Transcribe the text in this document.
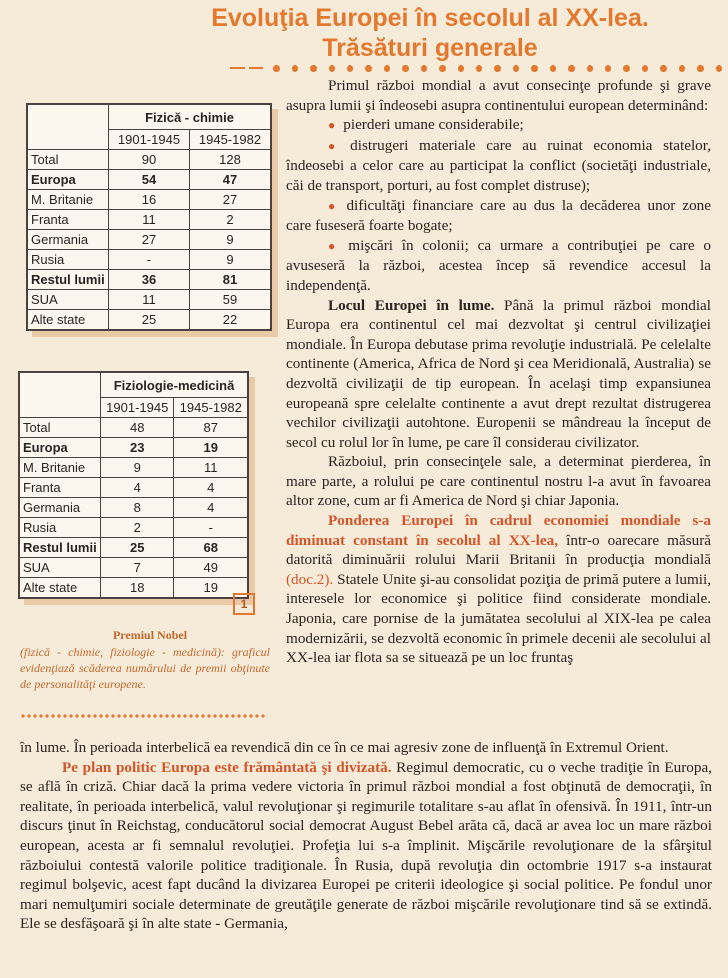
Evoluţia Europei în secolul al XX-lea.
Trăsături generale
	Fizică - chimie	
	1901-1945	1945-1982
Total	90	128
Europa	54	47
M. Britanie	16	27
Franta	11	2
Germania	27	9
Rusia	-	9
Restul lumii	36	81
SUA	11	59
Alte state	25	22
	Fiziologie-medicină	
	1901-1945	1945-1982
Total	48	87
Europa	23	19
M. Britanie	9	11
Franta	4	4
Germania	8	4
Rusia	2	-
Restul lumii	25	68
SUA	7	49
Alte state	18	19
1
Premiul Nobel
(fizică - chimie, fiziologie - medicină): graficul evidenţiază scăderea numărului de premii obţinute de personalităţi europene.

Primul război mondial a avut consecinţe profunde şi grave asupra lumii şi îndeosebi asupra continentului european determinând:

● pierderi umane considerabile;

● distrugeri materiale care au ruinat economia statelor, îndeosebi a celor care au participat la conflict (societăţi industriale, căi de transport, porturi, au fost complet distruse);

● dificultăţi financiare care au dus la decăderea unor zone care fuseseră foarte bogate;

● mişcări în colonii; ca urmare a contribuţiei pe care o avuseseră la război, acestea încep să revendice accesul la independenţă.

Locul Europei în lume. Până la primul război mondial Europa era continentul cel mai dezvoltat şi centrul civilizaţiei mondiale. În Europa debutase prima revoluţie industrială. Pe celelalte continente (America, Africa de Nord şi cea Meridională, Australia) se dezvoltă civilizaţii de tip european. În acelaşi timp expansiunea europeană spre celelalte continente a avut drept rezultat distrugerea vechilor civilizaţii autohtone. Europenii se mândreau la început de secol cu rolul lor în lume, pe care îl considerau civilizator.

Războiul, prin consecinţele sale, a determinat pierderea, în mare parte, a rolului pe care continentul nostru l-a avut în favoarea altor zone, cum ar fi America de Nord şi chiar Japonia.

Ponderea Europei în cadrul economiei mondiale s-a diminuat constant în secolul al XX-lea, într-o oarecare măsură datorită diminuării rolului Marii Britanii în producţia mondială (doc.2). Statele Unite şi-au consolidat poziţia de primă putere a lumii, interesele lor economice şi politice fiind considerate mondiale. Japonia, care pornise de la jumătatea secolului al XIX-lea pe calea modernizării, se dezvoltă economic în primele decenii ale secolului al XX-lea iar flota sa se situează pe un loc fruntaş

în lume. În perioada interbelică ea revendică din ce în ce mai agresiv zone de influenţă în Extremul Orient.

Pe plan politic Europa este frământată şi divizată. Regimul democratic, cu o veche tradiţie în Europa, se află în criză. Chiar dacă la prima vedere victoria în primul război mondial a fost obţinută de democraţii, în realitate, în perioada interbelică, valul revoluţionar şi regimurile totalitare s-au aflat în ofensivă. În 1911, într-un discurs ţinut în Reichstag, conducătorul social democrat August Bebel arăta că, dacă ar avea loc un mare război european, acesta ar fi semnalul revoluţiei. Profeţia lui s-a împlinit. Mişcările revoluţionare de la sfârşitul războiului contestă valorile politice tradiţionale. În Rusia, după revoluţia din octombrie 1917 s-a instaurat regimul bolşevic, acest fapt ducând la divizarea Europei pe criterii ideologice şi social politice. Pe fondul unor mari nemulţumiri sociale determinate de greutăţile generate de război mişcările revoluţionare tind să se extindă. Ele se desfăşoară şi în alte state - Germania,
